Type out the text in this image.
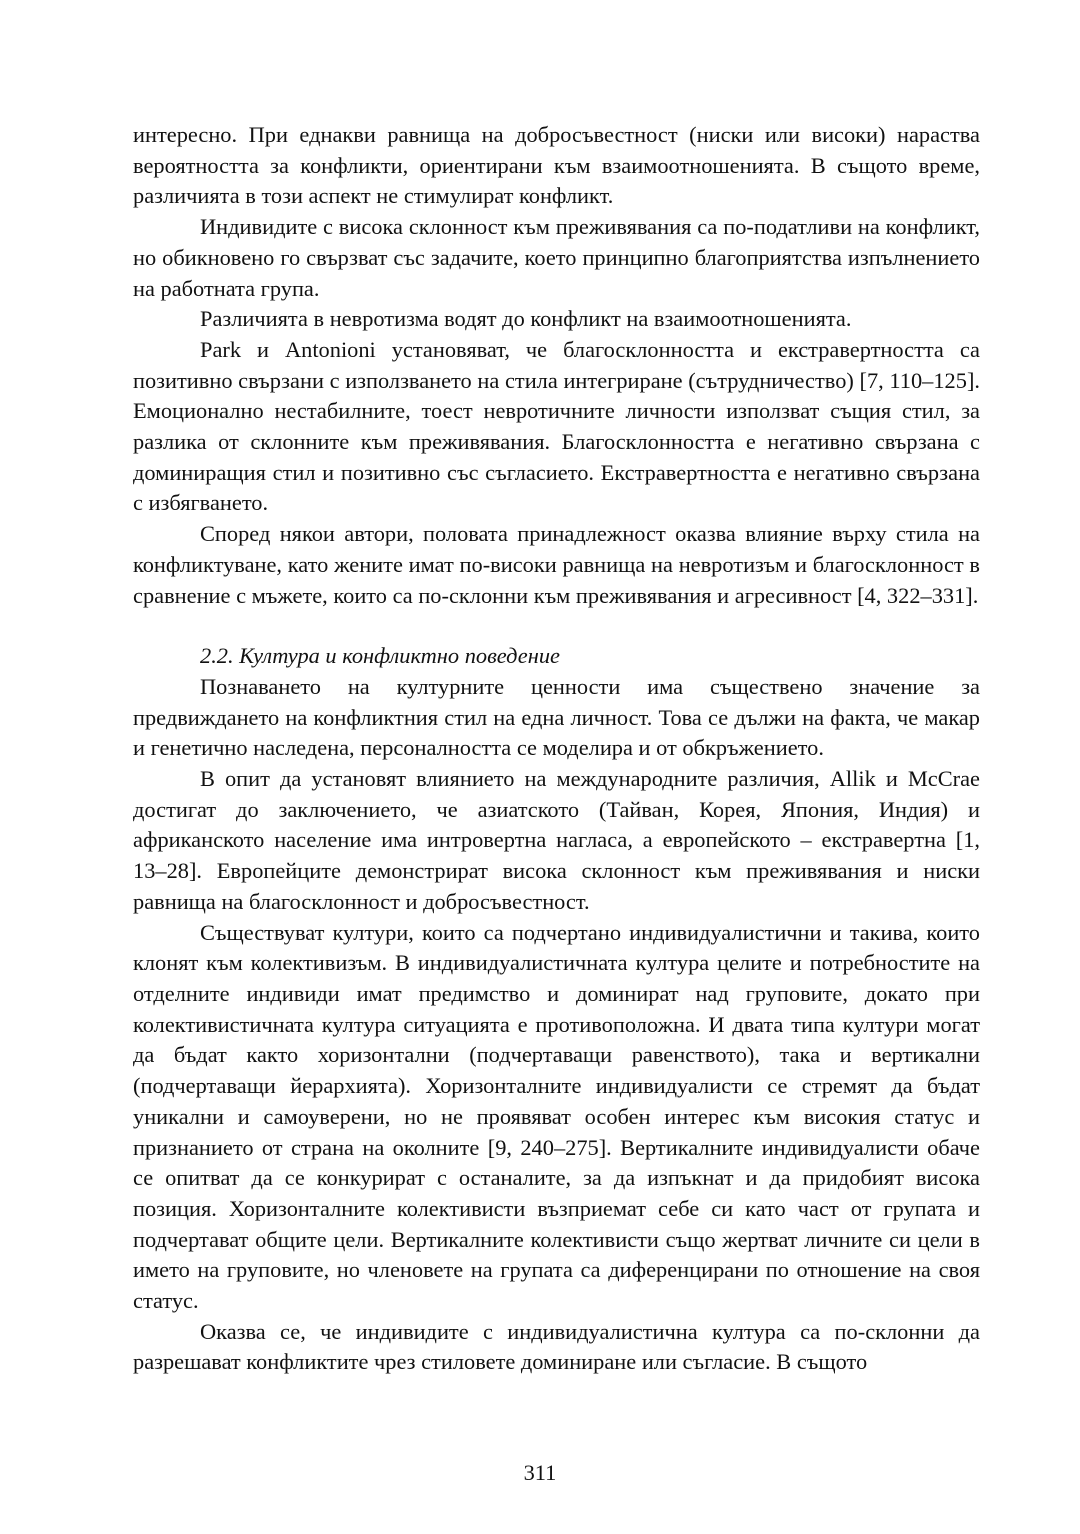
интересно. При еднакви равнища на добросъвестност (ниски или високи) нараства вероятността за конфликти, ориентирани към взаимоотношенията. В същото време, различията в този аспект не стимулират конфликт.

Индивидите с висока склонност към преживявания са по-податливи на конфликт, но обикновено го свързват със задачите, което принципно благоприятства изпълнението на работната група.

Различията в невротизма водят до конфликт на взаимоотношенията.

Park и Antonioni установяват, че благосклонността и екстравертността са позитивно свързани с използването на стила интегриране (сътрудничество) [7, 110–125]. Емоционално нестабилните, тоест невротичните личности използват същия стил, за разлика от склонните към преживявания. Благосклонността е негативно свързана с доминиращия стил и позитивно със съгласието. Екстравертността е негативно свързана с избягването.

Според някои автори, половата принадлежност оказва влияние върху стила на конфликтуване, като жените имат по-високи равнища на невротизъм и благосклонност в сравнение с мъжете, които са по-склонни към преживявания и агресивност [4, 322–331].

2.2. Култура и конфликтно поведение

Познаването на културните ценности има съществено значение за предвиждането на конфликтния стил на една личност. Това се дължи на факта, че макар и генетично наследена, персоналността се моделира и от обкръжението.

В опит да установят влиянието на международните различия, Allik и McCrae достигат до заключението, че азиатското (Тайван, Корея, Япония, Индия) и африканското население има интровертна нагласа, а европейското – екстравертна [1, 13–28]. Европейците демонстрират висока склонност към преживявания и ниски равнища на благосклонност и добросъвестност.

Съществуват култури, които са подчертано индивидуалистични и такива, които клонят към колективизъм. В индивидуалистичната култура целите и потребностите на отделните индивиди имат предимство и доминират над груповите, докато при колективистичната култура ситуацията е противоположна. И двата типа култури могат да бъдат както хоризонтални (подчертаващи равенството), така и вертикални (подчертаващи йерархията). Хоризонталните индивидуалисти се стремят да бъдат уникални и самоуверени, но не проявяват особен интерес към високия статус и признанието от страна на околните [9, 240–275]. Вертикалните индивидуалисти обаче се опитват да се конкурират с останалите, за да изпъкнат и да придобият висока позиция. Хоризонталните колективисти възприемат себе си като част от групата и подчертават общите цели. Вертикалните колективисти също жертват личните си цели в името на груповите, но членовете на групата са диференцирани по отношение на своя статус.

Оказва се, че индивидите с индивидуалистична култура са по-склонни да разрешават конфликтите чрез стиловете доминиране или съгласие. В същото

311
